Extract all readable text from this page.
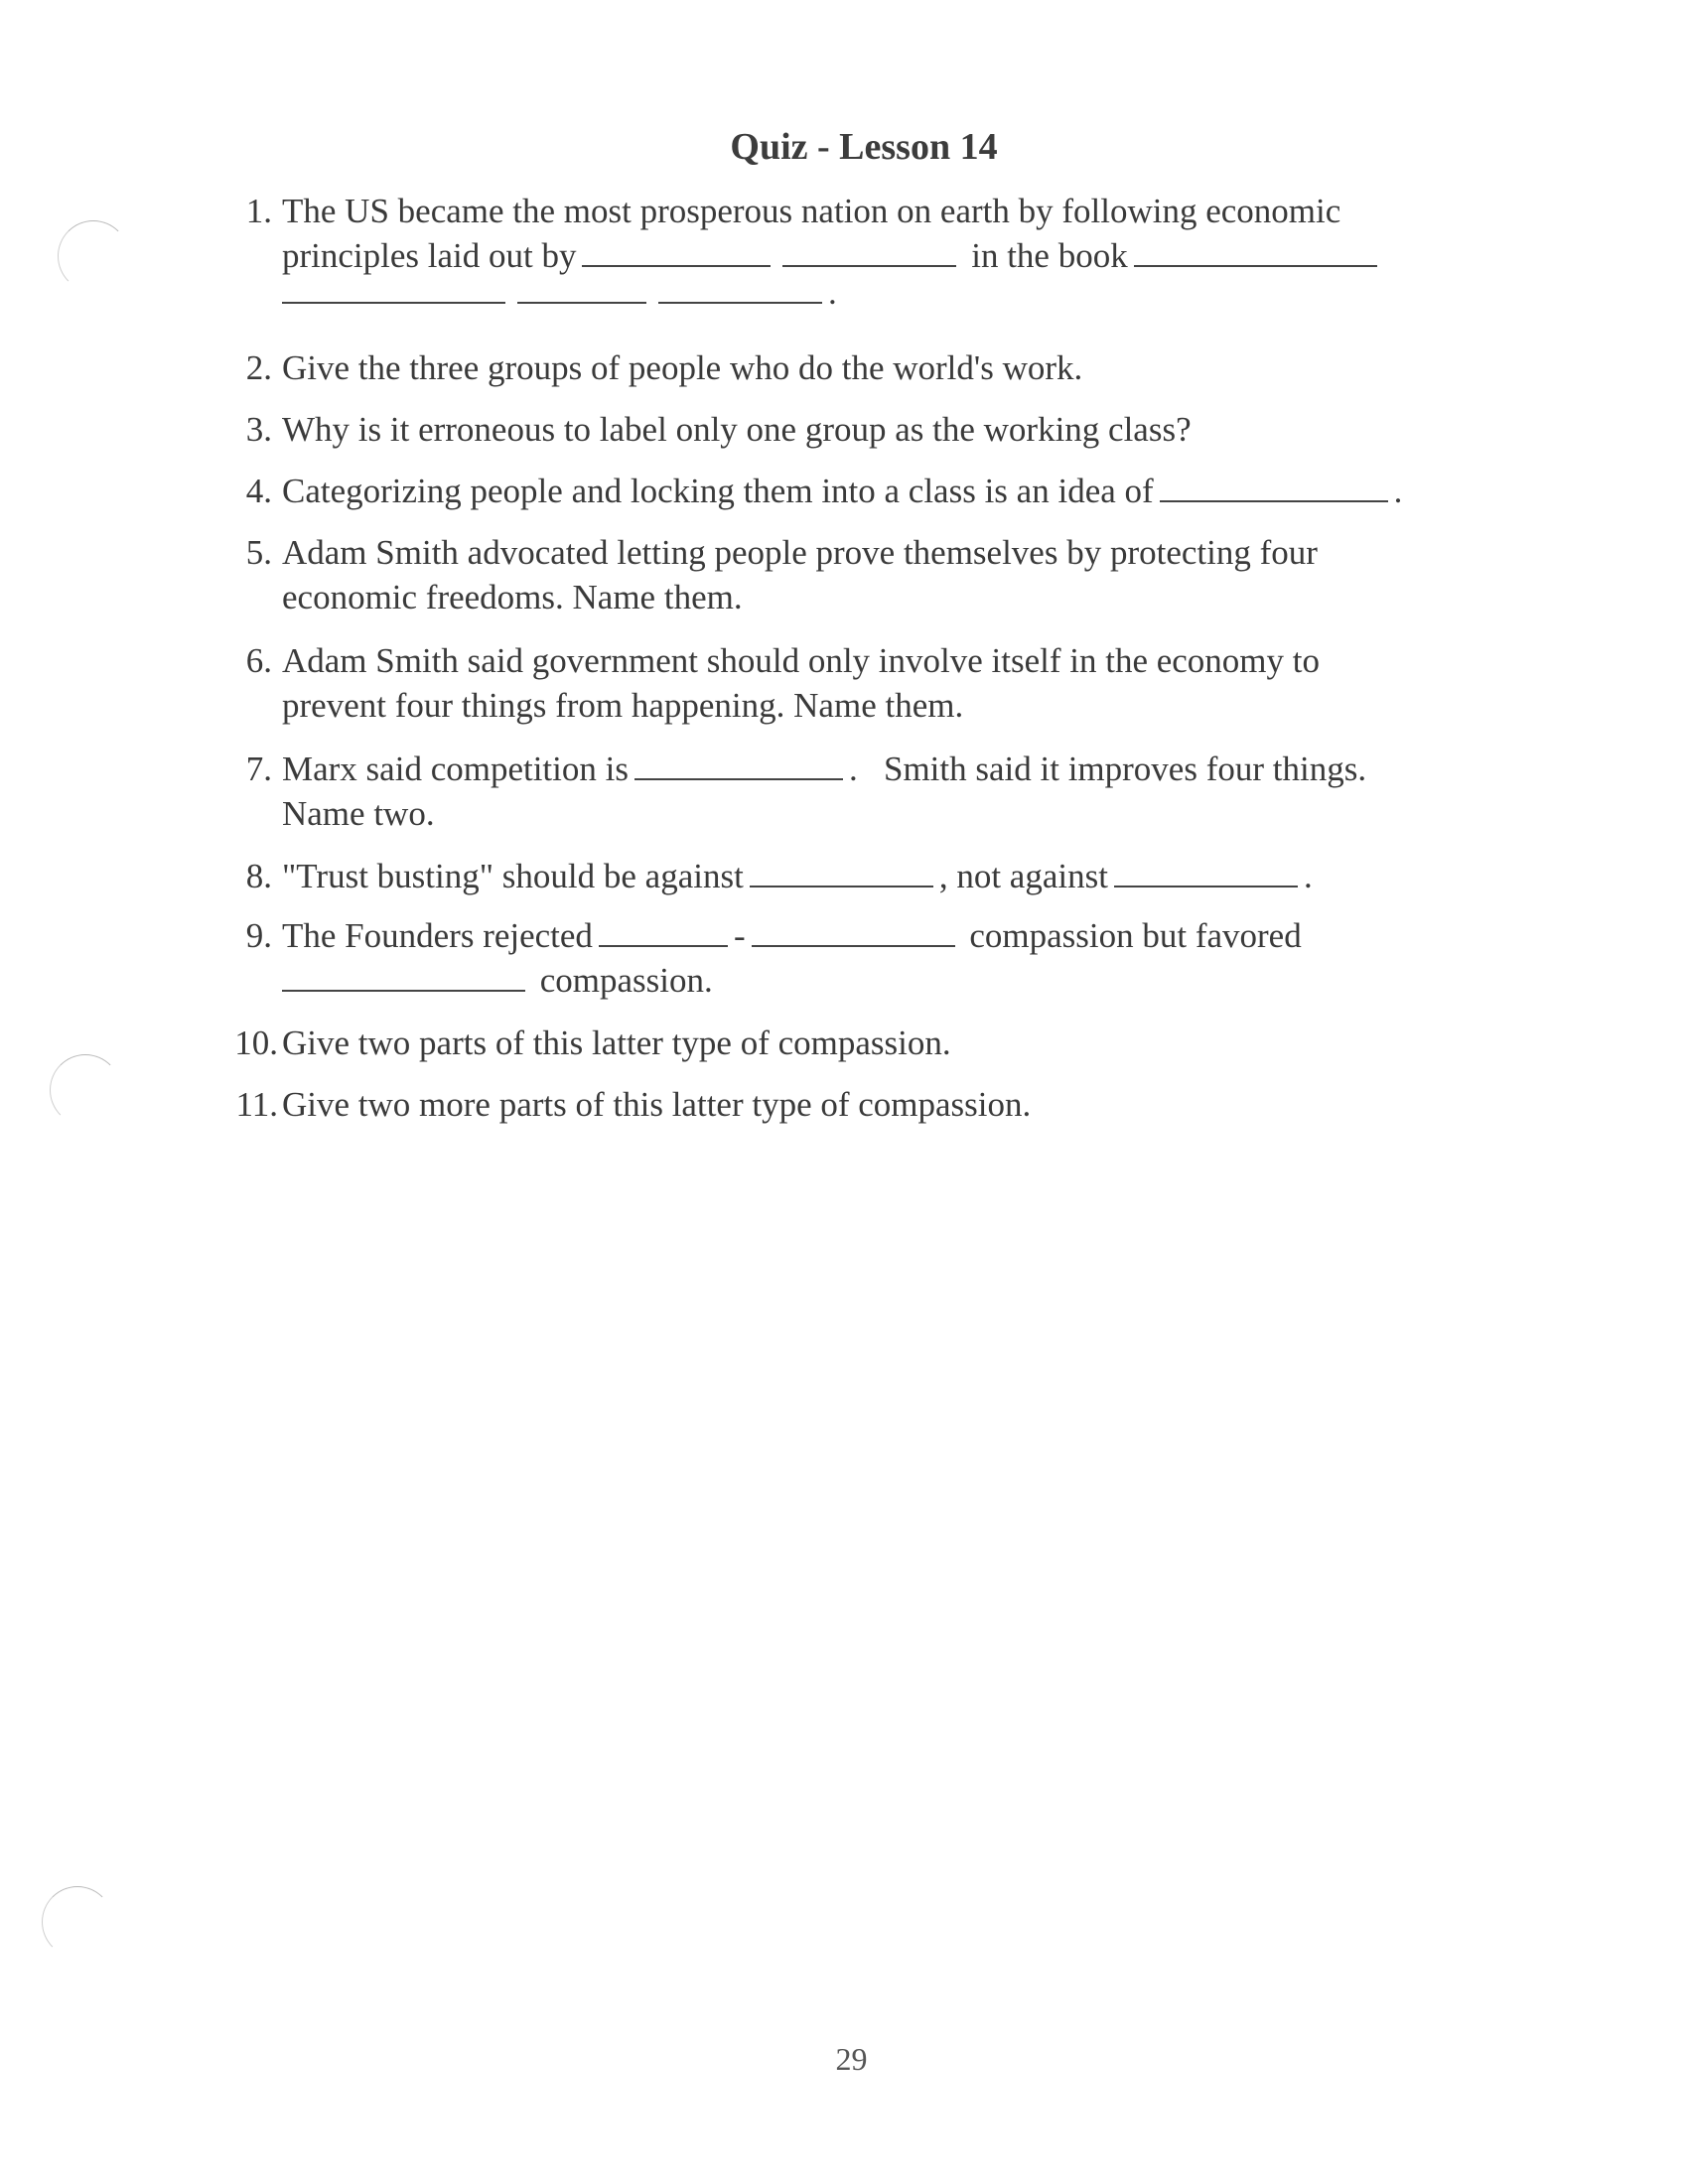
Quiz - Lesson 14
1. The US became the most prosperous nation on earth by following economic
principles laid out by	in the book
.
2. Give the three groups of people who do the world's work.
3. Why is it erroneous to label only one group as the working class?
4. Categorizing people and locking them into a class is an idea of	.
5. Adam Smith advocated letting people prove themselves by protecting four
economic freedoms. Name them.
6. Adam Smith said government should only involve itself in the economy to
prevent four things from happening. Name them.
7. Marx said competition is	.   Smith said it improves four things.
Name two.
8. "Trust busting" should be against	, not against	.
9. The Founders rejected	-	compassion but favored
compassion.
10. Give two parts of this latter type of compassion.
11. Give two more parts of this latter type of compassion.
29
